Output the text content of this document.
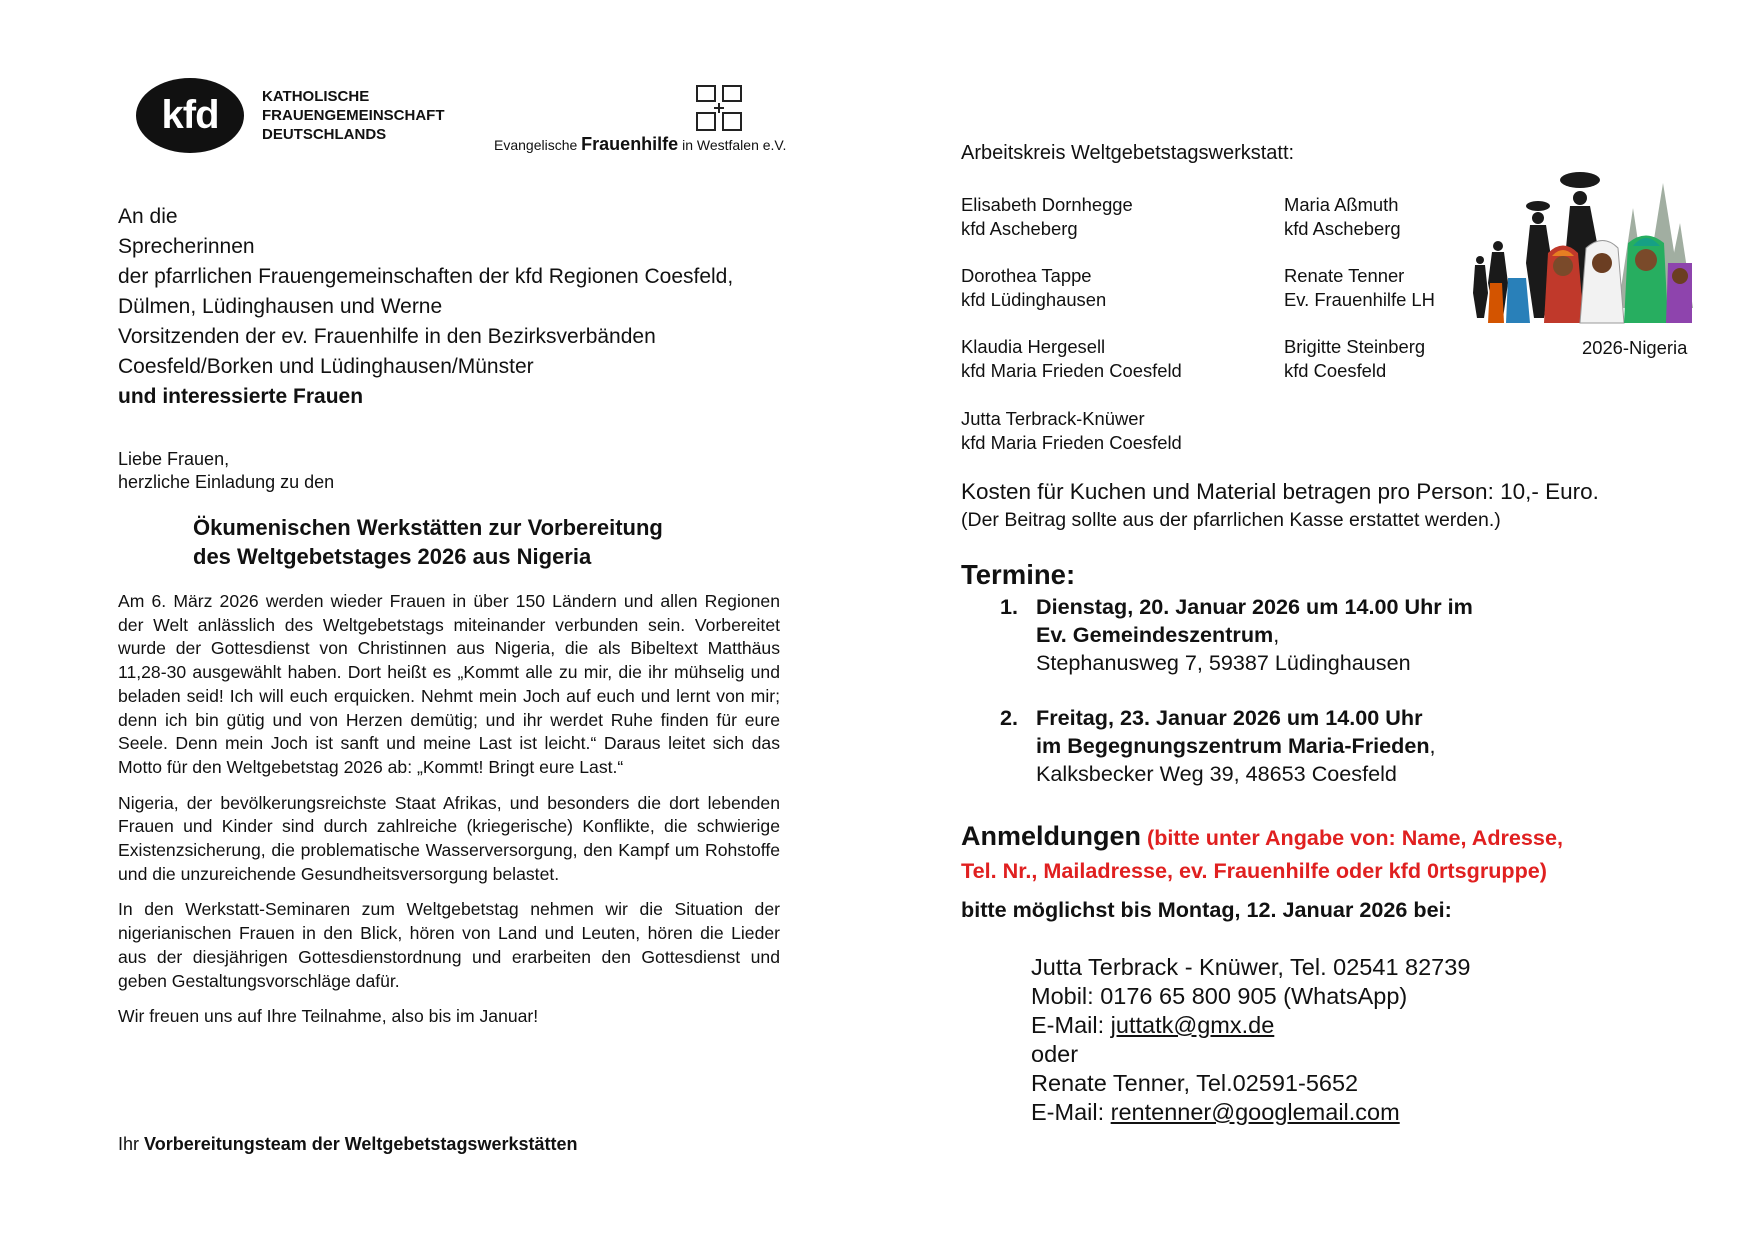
kfd	KATHOLISCHE
FRAUENGEMEINSCHAFT
DEUTSCHLANDS
Evangelische Frauenhilfe in Westfalen e.V.
An die
Sprecherinnen
der pfarrlichen Frauengemeinschaften der kfd Regionen Coesfeld,
Dülmen, Lüdinghausen und Werne
Vorsitzenden der ev. Frauenhilfe in den Bezirksverbänden
Coesfeld/Borken und Lüdinghausen/Münster
und interessierte Frauen
Liebe Frauen,
herzliche Einladung zu den
Ökumenischen Werkstätten zur Vorbereitung
des Weltgebetstages 2026 aus Nigeria

Am 6. März 2026 werden wieder Frauen in über 150 Ländern und allen Regionen der Welt anlässlich des Weltgebetstags miteinander verbunden sein. Vorbereitet wurde der Gottesdienst von Christinnen aus Nigeria, die als Bibeltext Matthäus 11,28-30 ausgewählt haben. Dort heißt es „Kommt alle zu mir, die ihr mühselig und beladen seid! Ich will euch erquicken. Nehmt mein Joch auf euch und lernt von mir; denn ich bin gütig und von Herzen demütig; und ihr werdet Ruhe finden für eure Seele. Denn mein Joch ist sanft und meine Last ist leicht.“ Daraus leitet sich das Motto für den Weltgebetstag 2026 ab: „Kommt! Bringt eure Last.“

Nigeria, der bevölkerungsreichste Staat Afrikas, und besonders die dort lebenden Frauen und Kinder sind durch zahlreiche (kriegerische) Konflikte, die schwierige Existenzsicherung, die problematische Wasserversorgung, den Kampf um Rohstoffe und die unzureichende Gesundheitsversorgung belastet.

In den Werkstatt-Seminaren zum Weltgebetstag nehmen wir die Situation der nigerianischen Frauen in den Blick, hören von Land und Leuten, hören die Lieder aus der diesjährigen Gottesdienstordnung und erarbeiten den Gottesdienst und geben Gestaltungsvorschläge dafür.

Wir freuen uns auf Ihre Teilnahme, also bis im Januar!

Ihr Vorbereitungsteam der Weltgebetstagswerkstätten
Arbeitskreis Weltgebetstagswerkstatt:
Elisabeth Dornhegge
kfd Ascheberg
Maria Aßmuth
kfd Ascheberg
Dorothea Tappe
kfd Lüdinghausen
Renate Tenner
Ev. Frauenhilfe LH
Klaudia Hergesell
kfd Maria Frieden Coesfeld
Brigitte Steinberg
kfd Coesfeld
Jutta Terbrack-Knüwer
kfd Maria Frieden Coesfeld
2026-Nigeria
Kosten für Kuchen und Material betragen pro Person: 10,- Euro.
(Der Beitrag sollte aus der pfarrlichen Kasse erstattet werden.)
Termine:
1. Dienstag, 20. Januar 2026 um 14.00 Uhr im
Ev. Gemeindeszentrum,
Stephanusweg 7, 59387 Lüdinghausen
2. Freitag, 23. Januar 2026 um 14.00 Uhr
im Begegnungszentrum Maria-Frieden,
Kalksbecker Weg 39, 48653 Coesfeld
Anmeldungen (bitte unter Angabe von: Name, Adresse,
Tel. Nr., Mailadresse, ev. Frauenhilfe oder kfd 0rtsgruppe)
bitte möglichst bis Montag, 12. Januar 2026 bei:
Jutta Terbrack - Knüwer, Tel. 02541 82739
Mobil: 0176 65 800 905 (WhatsApp)
E-Mail: juttatk@gmx.de
oder
Renate Tenner, Tel.02591-5652
E-Mail: rentenner@googlemail.com
